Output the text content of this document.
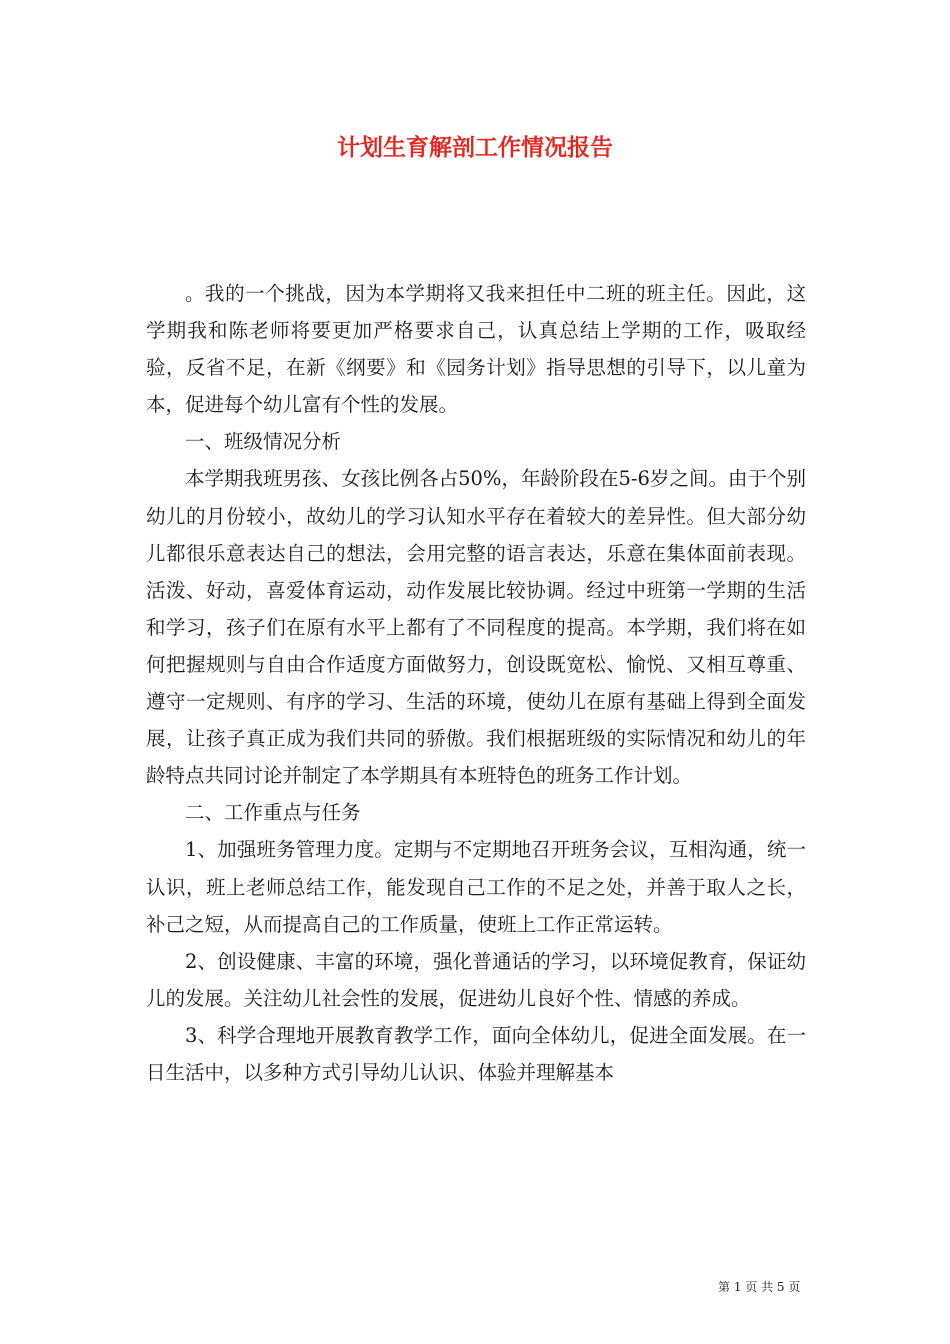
计划生育解剖工作情况报告

。我的一个挑战，因为本学期将又我来担任中二班的班主任。因此，这学期我和陈老师将要更加严格要求自己，认真总结上学期的工作，吸取经验，反省不足，在新《纲要》和《园务计划》指导思想的引导下，以儿童为本，促进每个幼儿富有个性的发展。

一、班级情况分析

本学期我班男孩、女孩比例各占50%，年龄阶段在5-6岁之间。由于个别幼儿的月份较小，故幼儿的学习认知水平存在着较大的差异性。但大部分幼儿都很乐意表达自己的想法，会用完整的语言表达，乐意在集体面前表现。活泼、好动，喜爱体育运动，动作发展比较协调。经过中班第一学期的生活和学习，孩子们在原有水平上都有了不同程度的提高。本学期，我们将在如何把握规则与自由合作适度方面做努力，创设既宽松、愉悦、又相互尊重、遵守一定规则、有序的学习、生活的环境，使幼儿在原有基础上得到全面发展，让孩子真正成为我们共同的骄傲。我们根据班级的实际情况和幼儿的年龄特点共同讨论并制定了本学期具有本班特色的班务工作计划。

二、工作重点与任务

1、加强班务管理力度。定期与不定期地召开班务会议，互相沟通，统一认识，班上老师总结工作，能发现自己工作的不足之处，并善于取人之长，补己之短，从而提高自己的工作质量，使班上工作正常运转。

2、创设健康、丰富的环境，强化普通话的学习，以环境促教育，保证幼儿的发展。关注幼儿社会性的发展，促进幼儿良好个性、情感的养成。

3、科学合理地开展教育教学工作，面向全体幼儿，促进全面发展。在一日生活中，以多种方式引导幼儿认识、体验并理解基本

第 1 页 共 5 页
